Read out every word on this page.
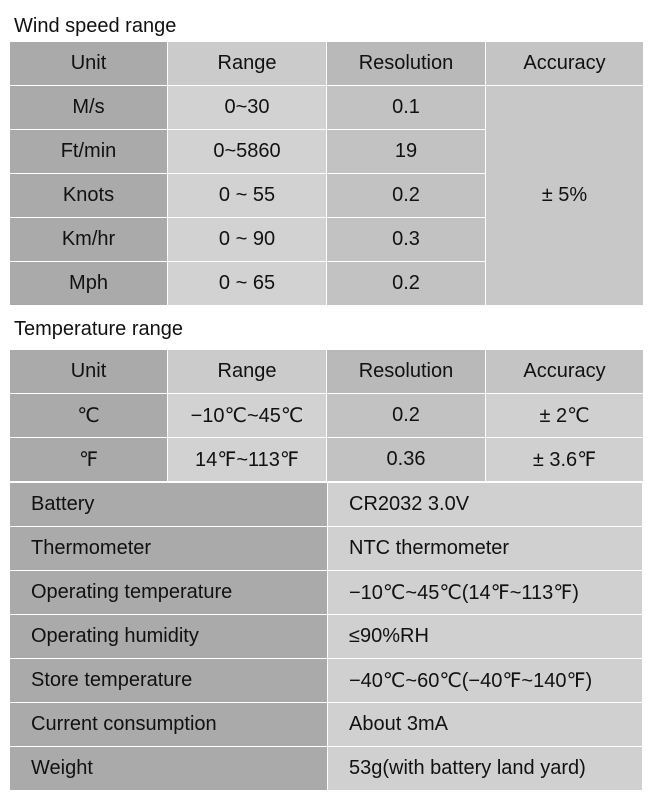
Wind speed range
Unit	Range	Resolution	Accuracy
M/s	0~30	0.1	± 5%
Ft/min	0~5860	19	
Knots	0 ~ 55	0.2	
Km/hr	0 ~ 90	0.3	
Mph	0 ~ 65	0.2	
Temperature range
Unit	Range	Resolution	Accuracy
℃	−10℃~45℃	0.2	± 2℃
℉	14℉~113℉	0.36	± 3.6℉
Battery	CR2032 3.0V
Thermometer	NTC thermometer
Operating temperature	−10℃~45℃(14℉~113℉)
Operating humidity	≤90%RH
Store temperature	−40℃~60℃(−40℉~140℉)
Current consumption	About 3mA
Weight	53g(with battery land yard)
